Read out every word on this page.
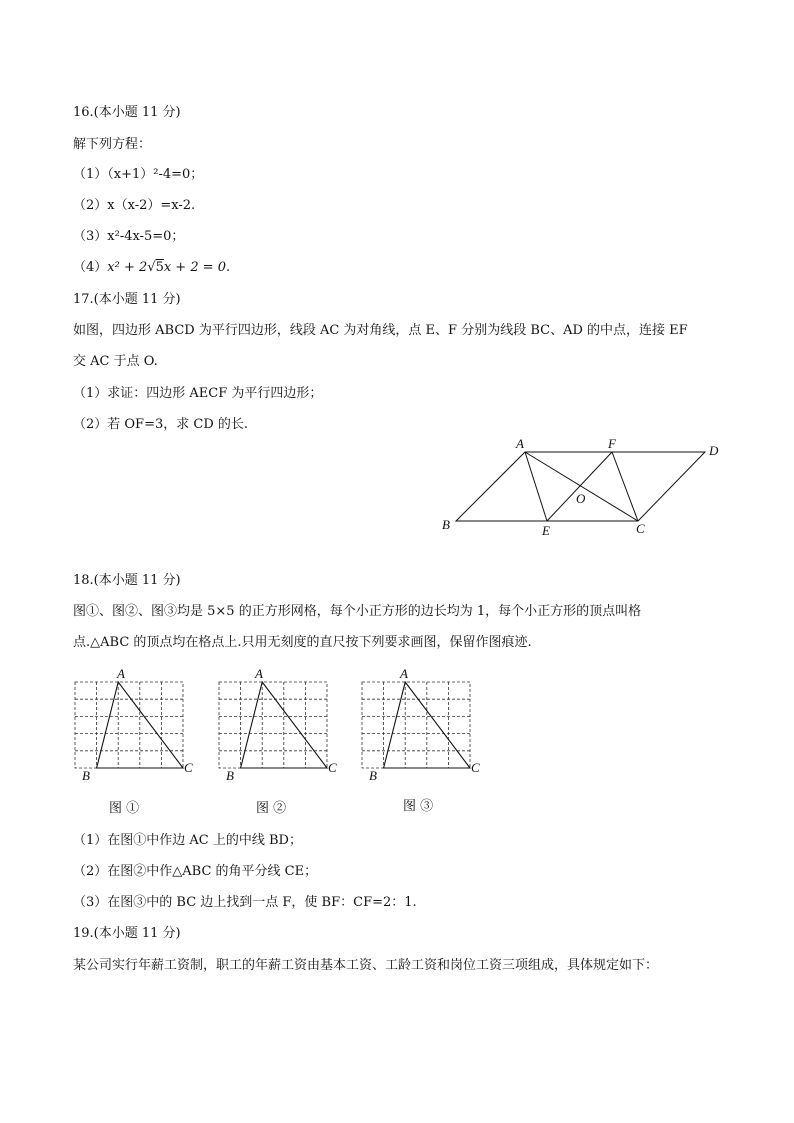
16.(本小题 11 分)
解下列方程：
（1）（x+1）²-4=0；
（2）x（x-2）=x-2.
（3）x²-4x-5=0；
（4）x² + 2√5x + 2 = 0.
17.(本小题 11 分)
如图，四边形 ABCD 为平行四边形，线段 AC 为对角线，点 E、F 分别为线段 BC、AD 的中点，连接 EF
交 AC 于点 O.
（1）求证：四边形 AECF 为平行四边形；
（2）若 OF=3，求 CD 的长.
A	F	D
B	E	C
O
18.(本小题 11 分)
图①、图②、图③均是 5×5 的正方形网格，每个小正方形的边长均为 1，每个小正方形的顶点叫格
点.△ABC 的顶点均在格点上.只用无刻度的直尺按下列要求画图，保留作图痕迹.
A
B
C
A
B
C
A
B
C
图 ①	图 ②	图 ③
（1）在图①中作边 AC 上的中线 BD；
（2）在图②中作△ABC 的角平分线 CE；
（3）在图③中的 BC 边上找到一点 F，使 BF：CF=2：1.
19.(本小题 11 分)
某公司实行年薪工资制，职工的年薪工资由基本工资、工龄工资和岗位工资三项组成，具体规定如下：
